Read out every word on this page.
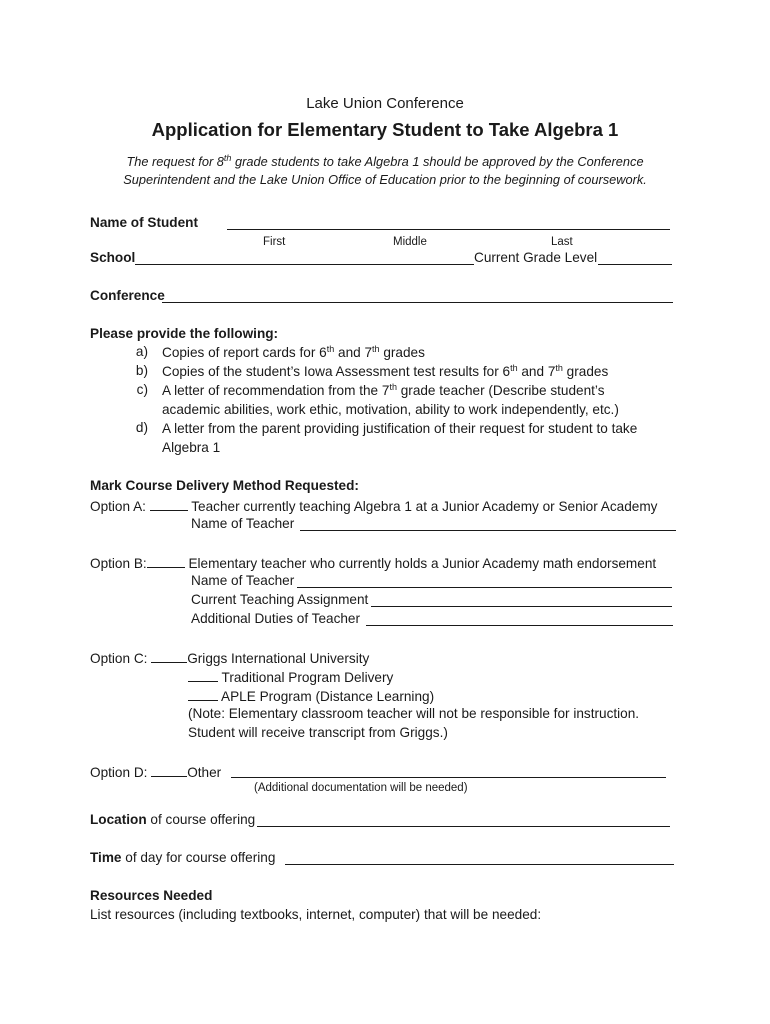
Lake Union Conference
Application for Elementary Student to Take Algebra 1
The request for 8th grade students to take Algebra 1 should be approved by the Conference
Superintendent and the Lake Union Office of Education prior to the beginning of coursework.
Name of Student
First	Middle	Last
School	Current Grade Level
Conference
Please provide the following:
a) Copies of report cards for 6th and 7th grades
b) Copies of the student’s Iowa Assessment test results for 6th and 7th grades
c) A letter of recommendation from the 7th grade teacher (Describe student’s
academic abilities, work ethic, motivation, ability to work independently, etc.)
d) A letter from the parent providing justification of their request for student to take
Algebra 1
Mark Course Delivery Method Requested:
Option A:	Teacher currently teaching Algebra 1 at a Junior Academy or Senior Academy
Name of Teacher
Option B:	Elementary teacher who currently holds a Junior Academy math endorsement
Name of Teacher
Current Teaching Assignment
Additional Duties of Teacher
Option C:	Griggs International University
Traditional Program Delivery
APLE Program (Distance Learning)
(Note: Elementary classroom teacher will not be responsible for instruction.
Student will receive transcript from Griggs.)
Option D:	Other
(Additional documentation will be needed)
Location of course offering
Time of day for course offering
Resources Needed
List resources (including textbooks, internet, computer) that will be needed:
